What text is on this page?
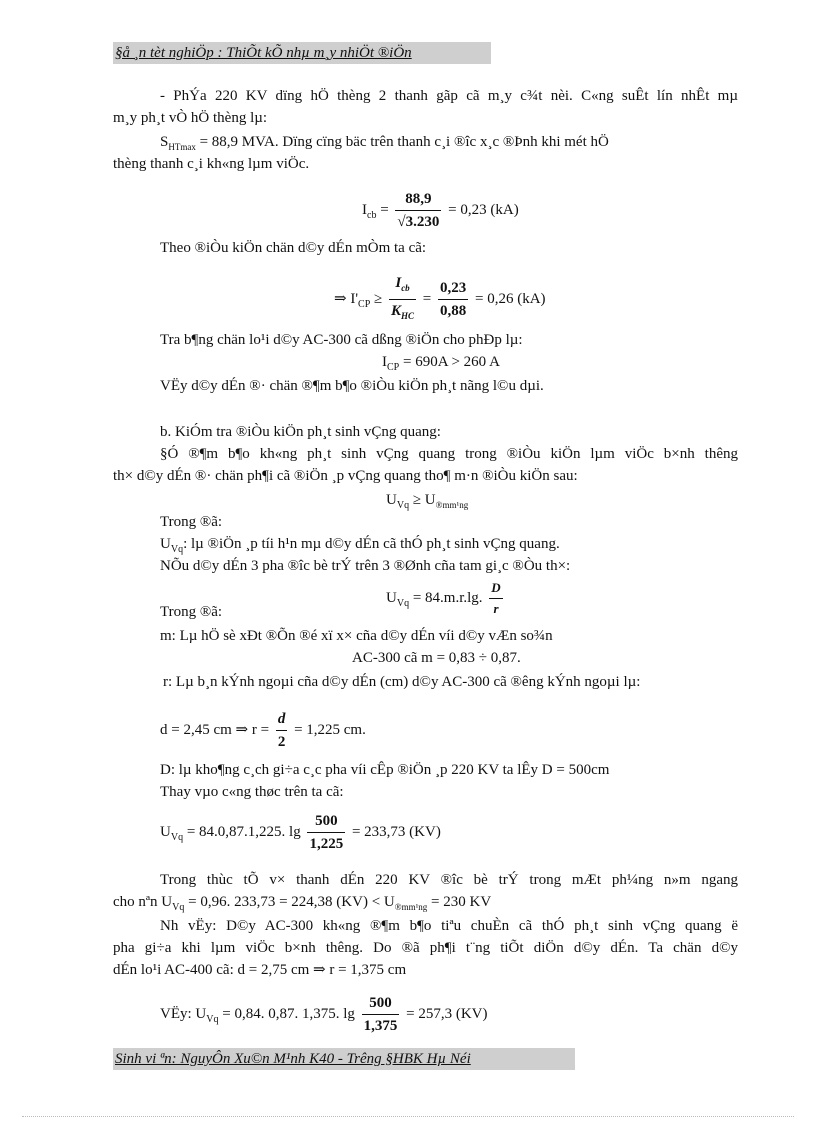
§å ¸n tèt nghiÖp : ThiÕt kÕ nhµ m¸y nhiÖt ®iÖn
- PhÝa 220 KV dïng hÖ thèng 2 thanh gãp cã m¸y c¾t nèi. C«ng suÊt lín nhÊt mµ
m¸y ph¸t vÒ hÖ thèng lµ:
$S_{HTmax} = 88,9$ MVA. Dïng cïng bäc trên thanh c¸i ®îc x¸c ®Þnh khi mét hÖ
thèng thanh c¸i kh«ng lµm viÖc.
$I_{cb} = \frac{88,9}{√3.230} = 0,23$ (kA)
Theo ®iÒu kiÖn chän d©y dÉn mÒm ta cã:
⇒ $I'_{CP} \ge \frac{I_{cb}}{K_{HC}} = \frac{0,23}{0,88} = 0,26$ (kA)
Tra b¶ng chän lo¹i d©y AC-300 cã dßng ®iÖn cho phÐp lµ:
$I_{CP} = 690A > 260$ A
VËy d©y dÉn ®· chän ®¶m b¶o ®iÒu kiÖn ph¸t nãng l©u dµi.
b. KiÓm tra ®iÒu kiÖn ph¸t sinh vÇng quang:
§Ó ®¶m b¶o kh«ng ph¸t sinh vÇng quang trong ®iÒu kiÖn lµm viÖc b×nh thêng
th× d©y dÉn ®· chän ph¶i cã ®iÖn ¸p vÇng quang tho¶ m·n ®iÒu kiÖn sau:
$U_{Vq} \ge U_{®mm^1ng}$
Trong ®ã:
$U_{Vq}$: lµ ®iÖn ¸p tíi h¹n mµ d©y dÉn cã thÓ ph¸t sinh vÇng quang.
NÕu d©y dÉn 3 pha ®îc bè trÝ trên 3 ®Ønh cña tam gi¸c ®Òu th×:
$U_{Vq} = 84.m.r.\lg$. $\frac{D}{r}$
Trong ®ã:
m: Lµ hÖ sè xÐt ®Õn ®é xï x× cña d©y dÉn víi d©y vÆn so¾n
AC-300 cã m = 0,83 ÷ 0,87.
r: Lµ b¸n kÝnh ngoµi cña d©y dÉn (cm) d©y AC-300 cã ®êng kÝnh ngoµi lµ:
d = 2,45 cm ⇒ $r = \frac{d}{2} = 1,225$ cm.
D: lµ kho¶ng c¸ch gi÷a c¸c pha víi cÊp ®iÖn ¸p 220 KV ta lÊy D = 500cm
Thay vµo c«ng thøc trên ta cã:
$U_{Vq} = 84.0,87.1,225$. $\lg \frac{500}{1,225} = 233,73$ (KV)
Trong thùc tÕ v× thanh dÉn 220 KV ®îc bè trÝ trong mÆt ph¼ng n»m ngang
cho nªn $U_{Vq} = 0,96$. 233,73 = 224,38 $(KV) < U_{®mm^1ng} = 230$ KV
Nh vËy: D©y AC-300 kh«ng ®¶m b¶o tiªu chuÈn cã thÓ ph¸t sinh vÇng quang ë
pha gi÷a khi lµm viÖc b×nh thêng. Do ®ã ph¶i t¨ng tiÕt diÖn d©y dÉn. Ta chän d©y
dÉn lo¹i AC-400 cã: d = 2,75 cm ⇒ r = 1,375 cm
VËy: $U_{Vq} = 0,84$. 0,87. 1,375. $\lg \frac{500}{1,375} = 257,3$ (KV)
Sinh vi ªn: NguyÔn Xu©n M¹nh K40 - Trêng §HBK Hµ Néi
